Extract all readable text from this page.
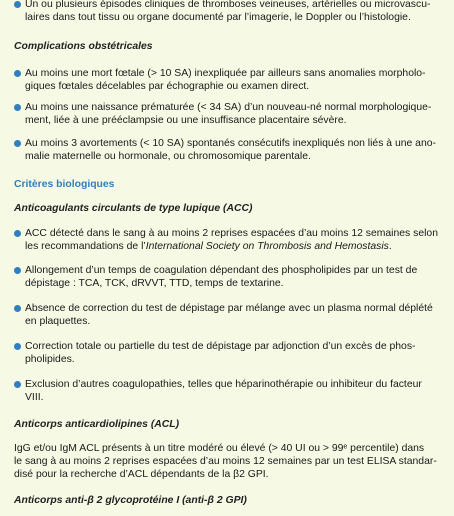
Un ou plusieurs épisodes cliniques de thromboses veineuses, artérielles ou microvascu-
laires dans tout tissu ou organe documenté par l’imagerie, le Doppler ou l’histologie.
Complications obstétricales
Au moins une mort fœtale (> 10 SA) inexpliquée par ailleurs sans anomalies morpholo-
giques fœtales décelables par échographie ou examen direct.
Au moins une naissance prématurée (< 34 SA) d’un nouveau-né normal morphologique-
ment, liée à une prééclampsie ou une insuffisance placentaire sévère.
Au moins 3 avortements (< 10 SA) spontanés consécutifs inexpliqués non liés à une ano-
malie maternelle ou hormonale, ou chromosomique parentale.
Critères biologiques
Anticoagulants circulants de type lupique (ACC)
ACC détecté dans le sang à au moins 2 reprises espacées d’au moins 12 semaines selon
les recommandations de l’International Society on Thrombosis and Hemostasis.
Allongement d’un temps de coagulation dépendant des phospholipides par un test de
dépistage : TCA, TCK, dRVVT, TTD, temps de textarine.
Absence de correction du test de dépistage par mélange avec un plasma normal déplété
en plaquettes.
Correction totale ou partielle du test de dépistage par adjonction d’un excès de phos-
pholipides.
Exclusion d’autres coagulopathies, telles que héparinothérapie ou inhibiteur du facteur
VIII.
Anticorps anticardiolipines (ACL)
IgG et/ou IgM ACL présents à un titre modéré ou élevé (> 40 UI ou > 99ᵉ percentile) dans
le sang à au moins 2 reprises espacées d’au moins 12 semaines par un test ELISA standar-
disé pour la recherche d’ACL dépendants de la β2 GPI.
Anticorps anti-β 2 glycoprotéine I (anti-β 2 GPI)
